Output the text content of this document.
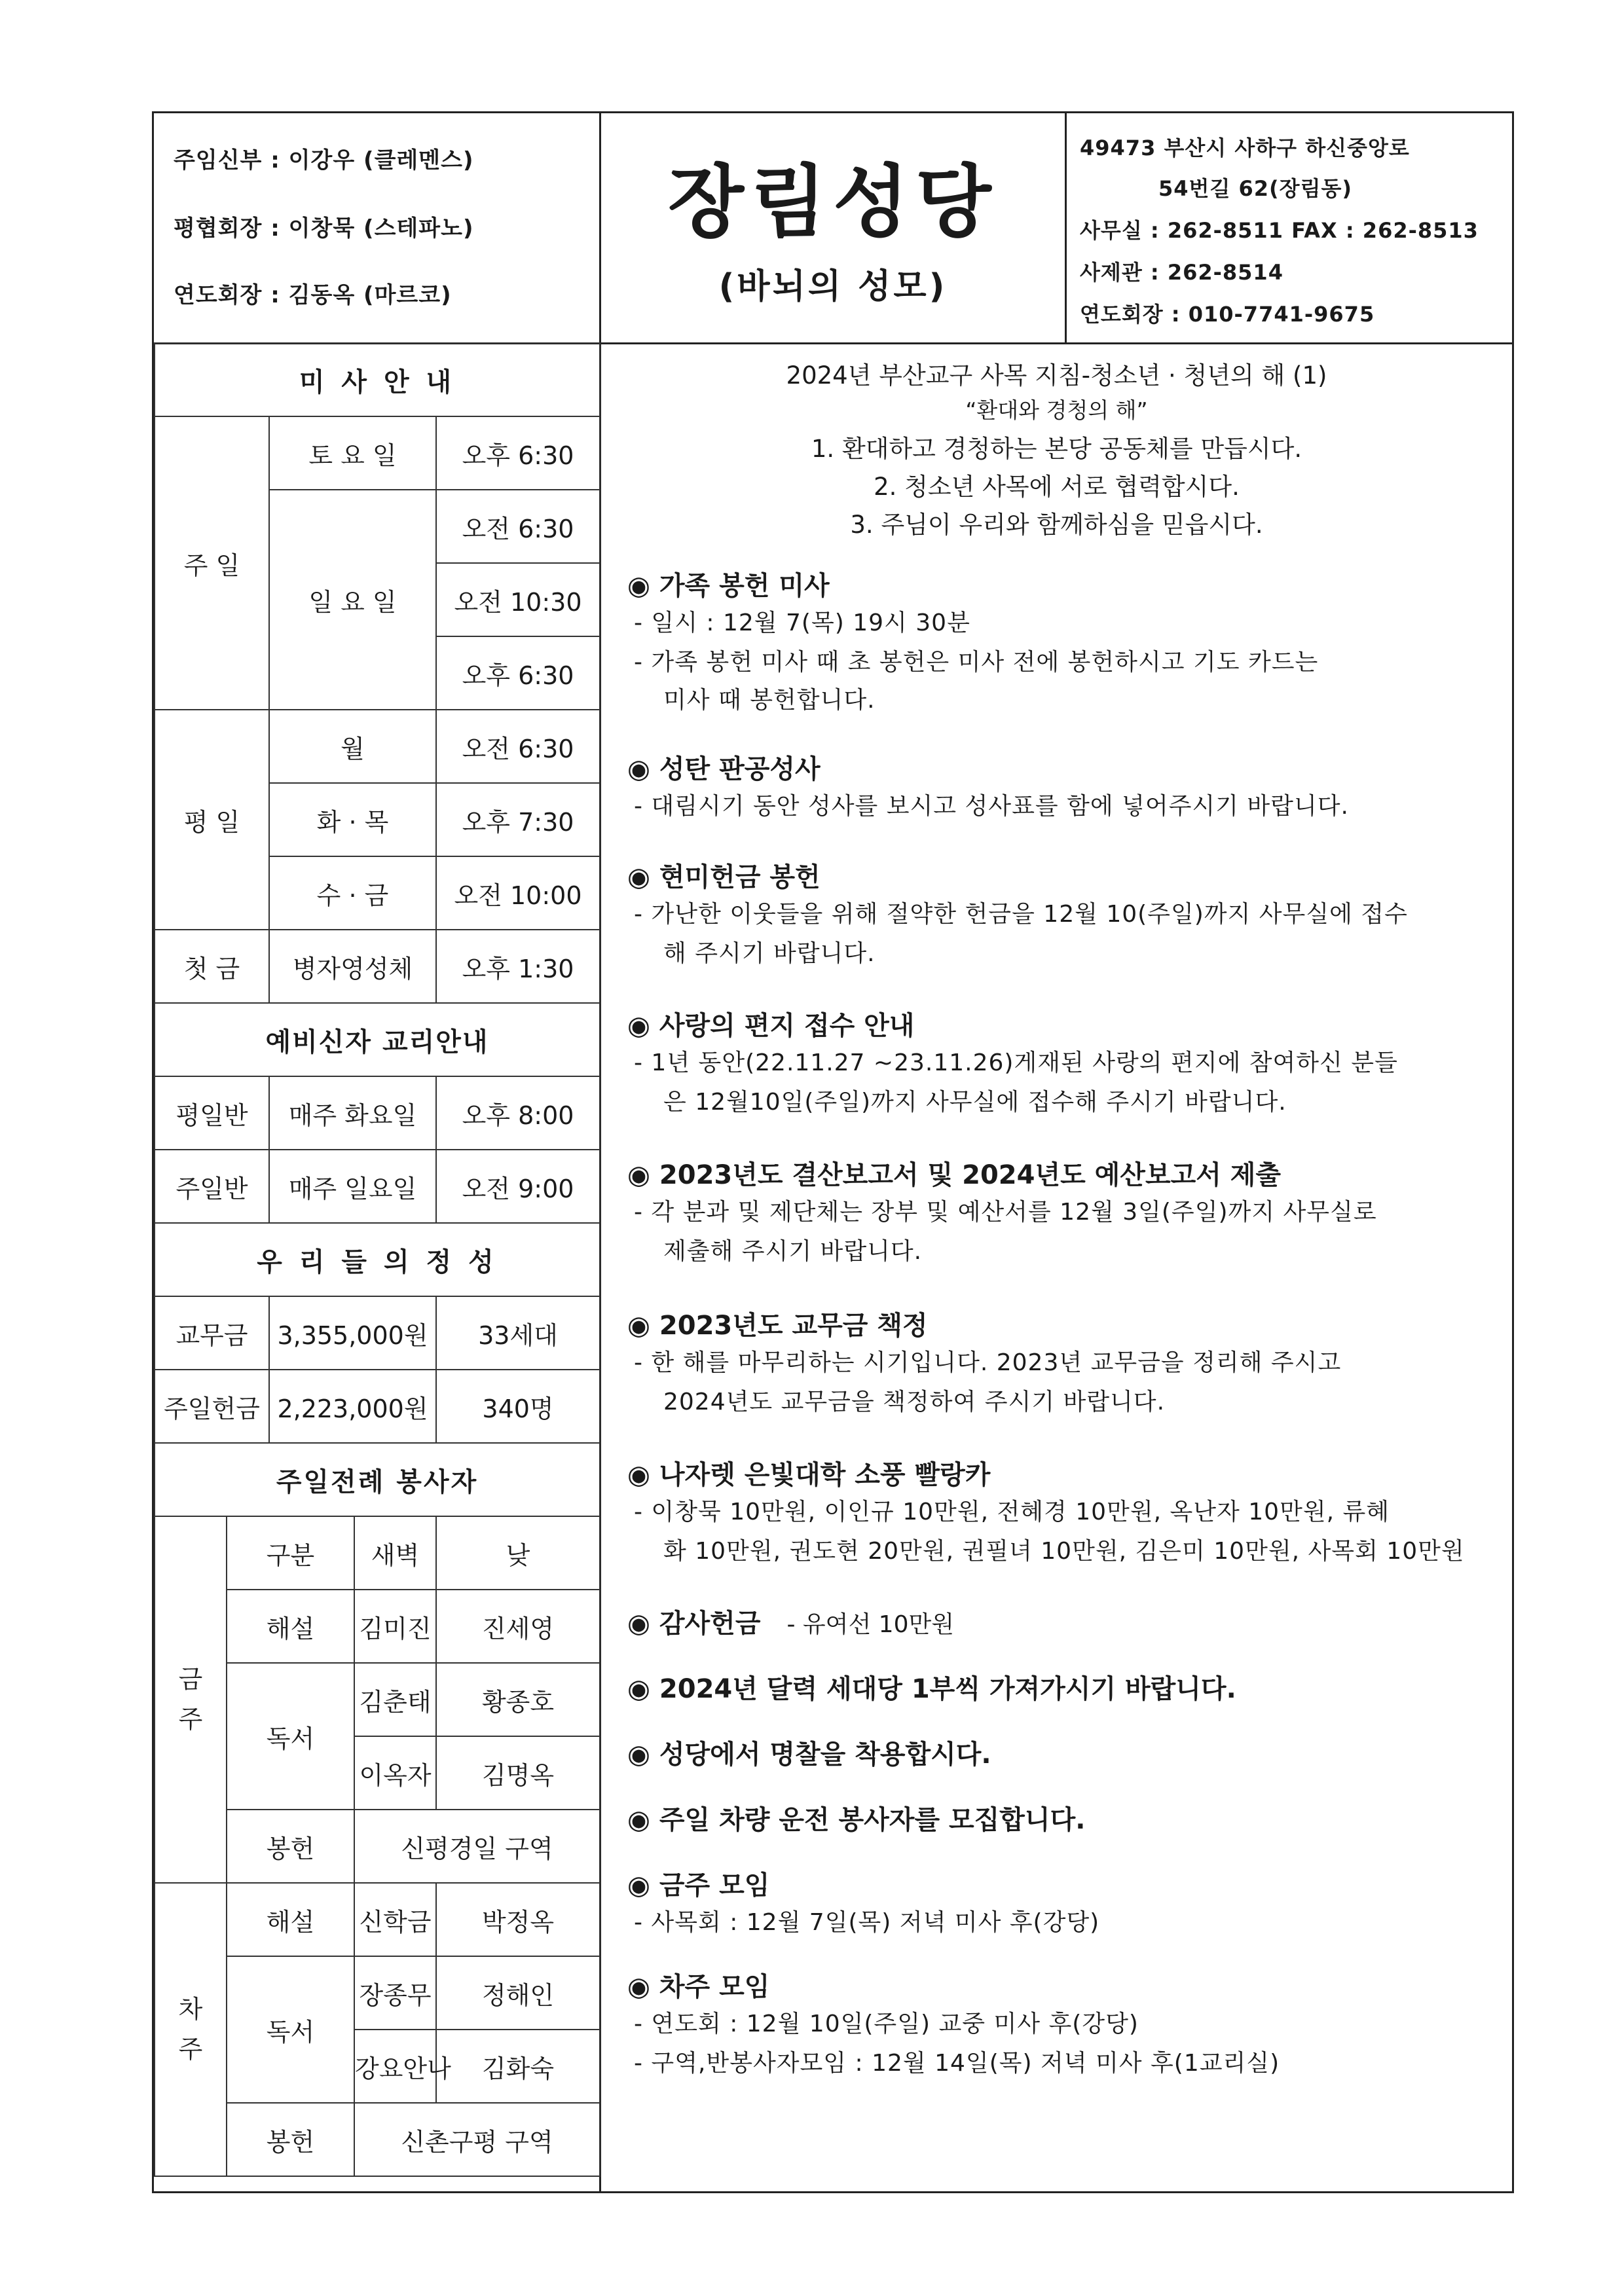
주임신부 : 이강우 (클레멘스)
평협회장 : 이창묵 (스테파노)
연도회장 : 김동옥 (마르코)
장림성당
(바뇌의 성모)
49473 부산시 사하구 하신중앙로
54번길 62(장림동)
사무실 : 262-8511 FAX : 262-8513
사제관 : 262-8514
연도회장 : 010-7741-9675
미 사 안 내				
주 일		토 요 일		오후 6:30
		일 요 일		오전 6:30
				오전 10:30
				오후 6:30
평 일		월		오전 6:30
		화 · 목		오후 7:30
		수 · 금		오전 10:00
첫 금		병자영성체		오후 1:30
예비신자 교리안내				
평일반		매주 화요일		오후 8:00
주일반		매주 일요일		오전 9:00
우 리 들 의 정 성				
교무금		3,355,000원		33세대
주일헌금		2,223,000원		340명
주일전례 봉사자				
금
주	구분		새벽	낮
	해설		김미진	진세영
	독서		김춘태	황종호
			이옥자	김명옥
	봉헌		신평경일 구역	

차
주	해설		신학금	박정옥
	독서		장종무	정해인
			강요안나	김화숙
	봉헌		신촌구평 구역	
2024년 부산교구 사목 지침-청소년 · 청년의 해 (1)
“환대와 경청의 해”
1. 환대하고 경청하는 본당 공동체를 만듭시다.
2. 청소년 사목에 서로 협력합시다.
3. 주님이 우리와 함께하심을 믿읍시다.
◉ 가족 봉헌 미사
- 일시 : 12월 7(목) 19시 30분
- 가족 봉헌 미사 때 초 봉헌은 미사 전에 봉헌하시고 기도 카드는
미사 때 봉헌합니다.
◉ 성탄 판공성사
- 대림시기 동안 성사를 보시고 성사표를 함에 넣어주시기 바랍니다.
◉ 현미헌금 봉헌
- 가난한 이웃들을 위해 절약한 헌금을 12월 10(주일)까지 사무실에 접수
해 주시기 바랍니다.
◉ 사랑의 편지 접수 안내
- 1년 동안(22.11.27 ~23.11.26)게재된 사랑의 편지에 참여하신 분들
은 12월10일(주일)까지 사무실에 접수해 주시기 바랍니다.
◉ 2023년도 결산보고서 및 2024년도 예산보고서 제출
- 각 분과 및 제단체는 장부 및 예산서를 12월 3일(주일)까지 사무실로
제출해 주시기 바랍니다.
◉ 2023년도 교무금 책정
- 한 해를 마무리하는 시기입니다. 2023년 교무금을 정리해 주시고
2024년도 교무금을 책정하여 주시기 바랍니다.
◉ 나자렛 은빛대학 소풍 빨랑카
- 이창묵 10만원, 이인규 10만원, 전혜경 10만원, 옥난자 10만원, 류혜
화 10만원, 권도현 20만원, 권필녀 10만원, 김은미 10만원, 사목회 10만원
◉ 감사헌금 - 유여선 10만원
◉ 2024년 달력 세대당 1부씩 가져가시기 바랍니다.
◉ 성당에서 명찰을 착용합시다.
◉ 주일 차량 운전 봉사자를 모집합니다.
◉ 금주 모임
- 사목회 : 12월 7일(목) 저녁 미사 후(강당)
◉ 차주 모임
- 연도회 : 12월 10일(주일) 교중 미사 후(강당)
- 구역,반봉사자모임 : 12월 14일(목) 저녁 미사 후(1교리실)
